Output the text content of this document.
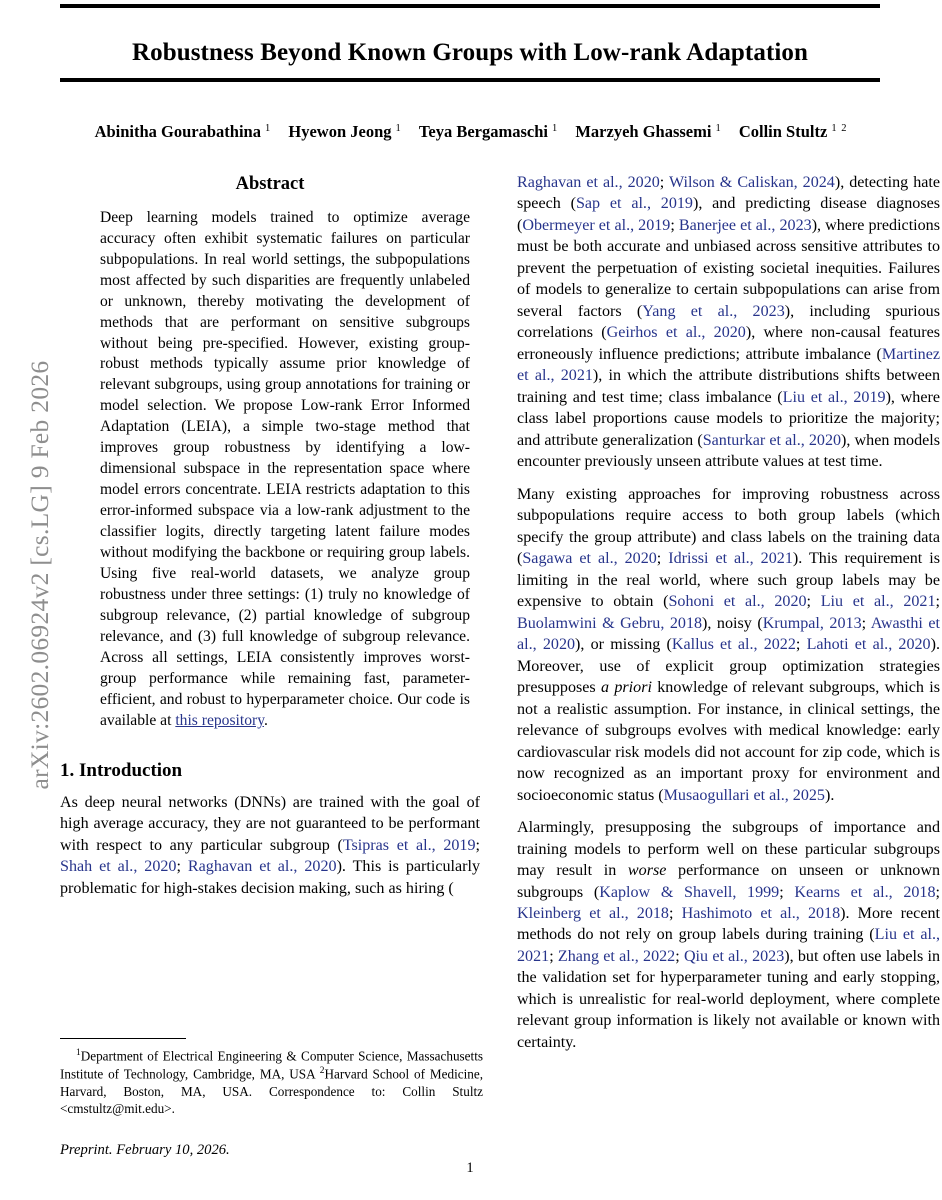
arXiv:2602.06924v2 [cs.LG] 9 Feb 2026
Robustness Beyond Known Groups with Low-rank Adaptation
Abinitha Gourabathina $^1$ Hyewon Jeong $^1$ Teya Bergamaschi $^1$ Marzyeh Ghassemi $^1$ Collin Stultz $^{1 2}$
Abstract
Deep learning models trained to optimize average accuracy often exhibit systematic failures on particular subpopulations. In real world settings, the subpopulations most affected by such disparities are frequently unlabeled or unknown, thereby motivating the development of methods that are performant on sensitive subgroups without being pre-specified. However, existing group-robust methods typically assume prior knowledge of relevant subgroups, using group annotations for training or model selection. We propose Low-rank Error Informed Adaptation (LEIA), a simple two-stage method that improves group robustness by identifying a low-dimensional subspace in the representation space where model errors concentrate. LEIA restricts adaptation to this error-informed subspace via a low-rank adjustment to the classifier logits, directly targeting latent failure modes without modifying the backbone or requiring group labels. Using five real-world datasets, we analyze group robustness under three settings: (1) truly no knowledge of subgroup relevance, (2) partial knowledge of subgroup relevance, and (3) full knowledge of subgroup relevance. Across all settings, LEIA consistently improves worst-group performance while remaining fast, parameter-efficient, and robust to hyperparameter choice. Our code is available at this repository.
1. Introduction

As deep neural networks (DNNs) are trained with the goal of high average accuracy, they are not guaranteed to be performant with respect to any particular subgroup (Tsipras et al., 2019; Shah et al., 2020; Raghavan et al., 2020). This is particularly problematic for high-stakes decision making, such as hiring (

Raghavan et al., 2020; Wilson & Caliskan, 2024), detecting hate speech (Sap et al., 2019), and predicting disease diagnoses (Obermeyer et al., 2019; Banerjee et al., 2023), where predictions must be both accurate and unbiased across sensitive attributes to prevent the perpetuation of existing societal inequities. Failures of models to generalize to certain subpopulations can arise from several factors (Yang et al., 2023), including spurious correlations (Geirhos et al., 2020), where non-causal features erroneously influence predictions; attribute imbalance (Martinez et al., 2021), in which the attribute distributions shifts between training and test time; class imbalance (Liu et al., 2019), where class label proportions cause models to prioritize the majority; and attribute generalization (Santurkar et al., 2020), when models encounter previously unseen attribute values at test time.

Many existing approaches for improving robustness across subpopulations require access to both group labels (which specify the group attribute) and class labels on the training data (Sagawa et al., 2020; Idrissi et al., 2021). This requirement is limiting in the real world, where such group labels may be expensive to obtain (Sohoni et al., 2020; Liu et al., 2021; Buolamwini & Gebru, 2018), noisy (Krumpal, 2013; Awasthi et al., 2020), or missing (Kallus et al., 2022; Lahoti et al., 2020). Moreover, use of explicit group optimization strategies presupposes a priori knowledge of relevant subgroups, which is not a realistic assumption. For instance, in clinical settings, the relevance of subgroups evolves with medical knowledge: early cardiovascular risk models did not account for zip code, which is now recognized as an important proxy for environment and socioeconomic status (Musaogullari et al., 2025).

Alarmingly, presupposing the subgroups of importance and training models to perform well on these particular subgroups may result in worse performance on unseen or unknown subgroups (Kaplow & Shavell, 1999; Kearns et al., 2018; Kleinberg et al., 2018; Hashimoto et al., 2018). More recent methods do not rely on group labels during training (Liu et al., 2021; Zhang et al., 2022; Qiu et al., 2023), but often use labels in the validation set for hyperparameter tuning and early stopping, which is unrealistic for real-world deployment, where complete relevant group information is likely not available or known with certainty.

$^1$Department of Electrical Engineering & Computer Science, Massachusetts Institute of Technology, Cambridge, MA, USA $^2$Harvard School of Medicine, Harvard, Boston, MA, USA. Correspondence to: Collin Stultz <cmstultz@mit.edu>.

Preprint. February 10, 2026.
1
